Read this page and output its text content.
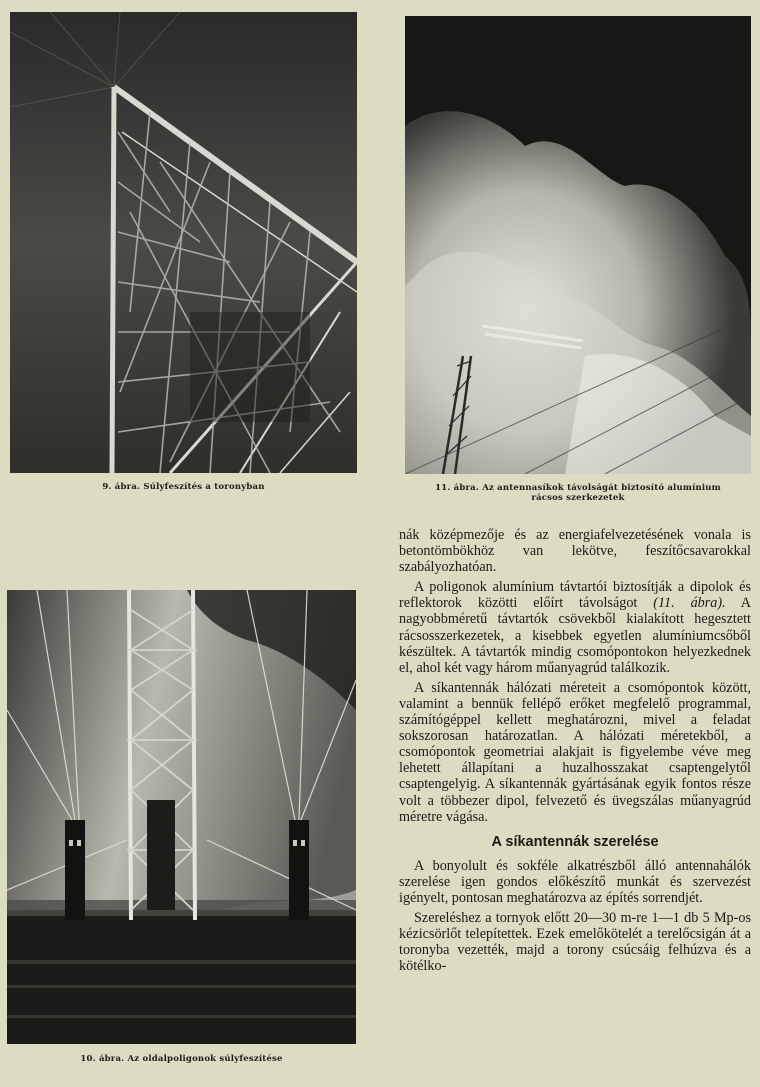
9. ábra. Súlyfeszítés a toronyban	11. ábra. Az antennasíkok távolságát biztosító alumínium
rácsos szerkezetek
10. ábra. Az oldalpoligonok súlyfeszítése

nák középmezője és az energiafelvezetésének vonala is betontömbökhöz van lekötve, feszítőcsavarokkal szabályozhatóan.

A poligonok alumínium távtartói biztosítják a dipolok és reflektorok közötti előírt távolságot (11. ábra). A nagyobbméretű távtartók csövekből kialakított hegesztett rácsosszerkezetek, a kisebbek egyetlen alumíniumcsőből készültek. A távtartók mindig csomópontokon helyezkednek el, ahol két vagy három műanyagrúd találkozik.

A síkantennák hálózati méreteit a csomópontok között, valamint a bennük fellépő erőket megfelelő programmal, számítógéppel kellett meghatározni, mivel a feladat sokszorosan határozatlan. A hálózati méretekből, a csomópontok geometriai alakjait is figyelembe véve meg lehetett állapítani a huzalhosszakat csaptengelytől csaptengelyig. A síkantennák gyártásának egyik fontos része volt a többezer dipol, felvezető és üvegszálas műanyagrúd méretre vágása.

A síkantennák szerelése

A bonyolult és sokféle alkatrészből álló antennahálók szerelése igen gondos előkészítő munkát és szervezést igényelt, pontosan meghatározva az építés sorrendjét.

Szereléshez a tornyok előtt 20—30 m-re 1—1 db 5 Mp-os kézicsörlőt telepítettek. Ezek emelőkötelét a terelőcsigán át a toronyba vezették, majd a torony csúcsáig felhúzva és a kötélko-
